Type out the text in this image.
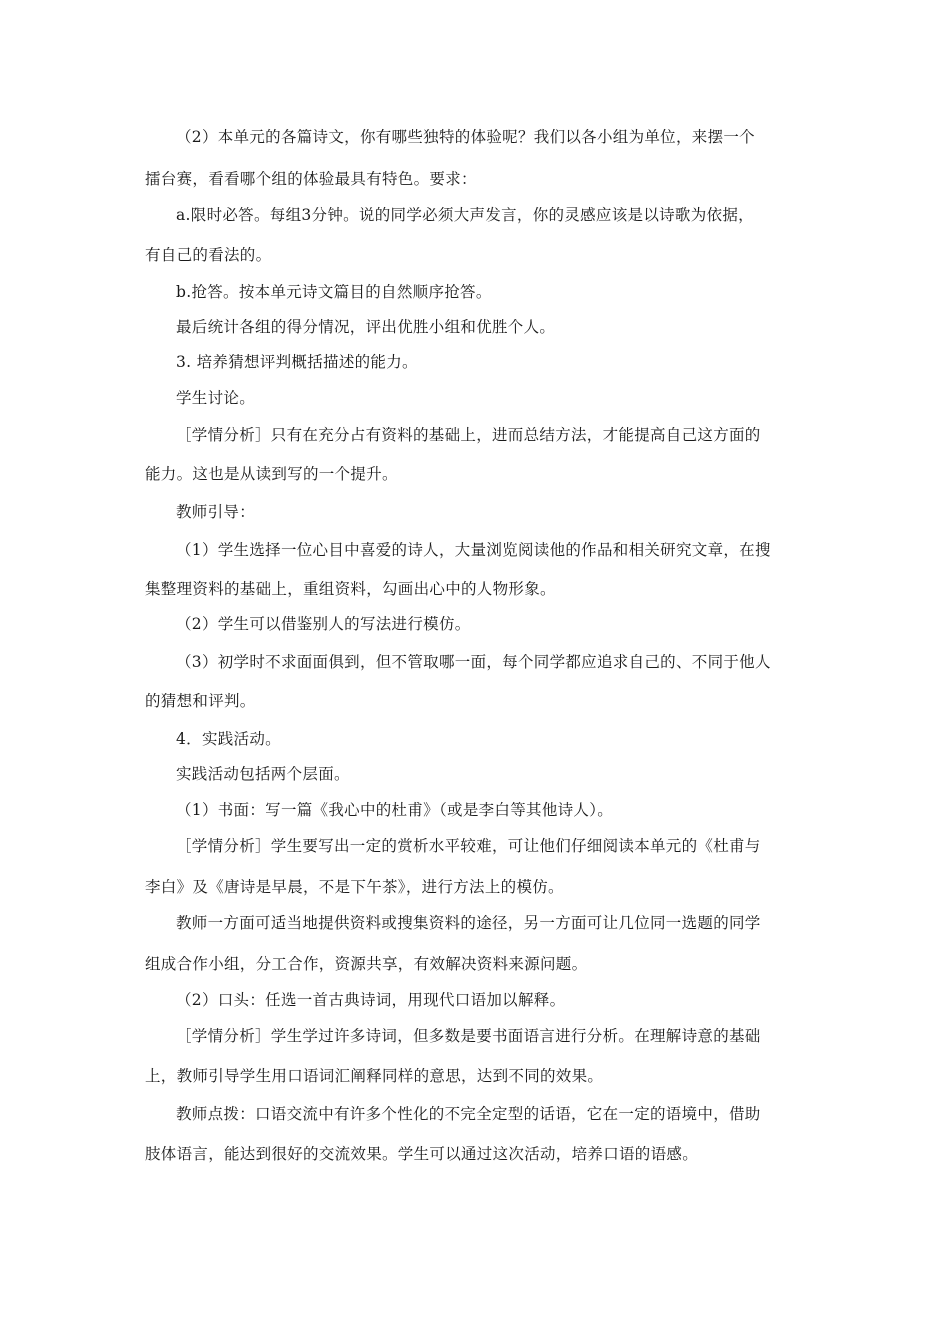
（2）本单元的各篇诗文，你有哪些独特的体验呢？我们以各小组为单位，来摆一个
擂台赛，看看哪个组的体验最具有特色。要求：
a.限时必答。每组3分钟。说的同学必须大声发言，你的灵感应该是以诗歌为依据，
有自己的看法的。
b.抢答。按本单元诗文篇目的自然顺序抢答。
最后统计各组的得分情况，评出优胜小组和优胜个人。
3. 培养猜想评判概括描述的能力。
学生讨论。
［学情分析］只有在充分占有资料的基础上，进而总结方法，才能提高自己这方面的
能力。这也是从读到写的一个提升。
教师引导：
（1）学生选择一位心目中喜爱的诗人，大量浏览阅读他的作品和相关研究文章，在搜
集整理资料的基础上，重组资料，勾画出心中的人物形象。
（2）学生可以借鉴别人的写法进行模仿。
（3）初学时不求面面俱到，但不管取哪一面，每个同学都应追求自己的、不同于他人
的猜想和评判。
4．实践活动。
实践活动包括两个层面。
（1）书面：写一篇《我心中的杜甫》（或是李白等其他诗人）。
［学情分析］学生要写出一定的赏析水平较难，可让他们仔细阅读本单元的《杜甫与
李白》及《唐诗是早晨，不是下午茶》，进行方法上的模仿。
教师一方面可适当地提供资料或搜集资料的途径，另一方面可让几位同一选题的同学
组成合作小组，分工合作，资源共享，有效解决资料来源问题。
（2）口头：任选一首古典诗词，用现代口语加以解释。
［学情分析］学生学过许多诗词，但多数是要书面语言进行分析。在理解诗意的基础
上，教师引导学生用口语词汇阐释同样的意思，达到不同的效果。
教师点拨：口语交流中有许多个性化的不完全定型的话语，它在一定的语境中，借助
肢体语言，能达到很好的交流效果。学生可以通过这次活动，培养口语的语感。
